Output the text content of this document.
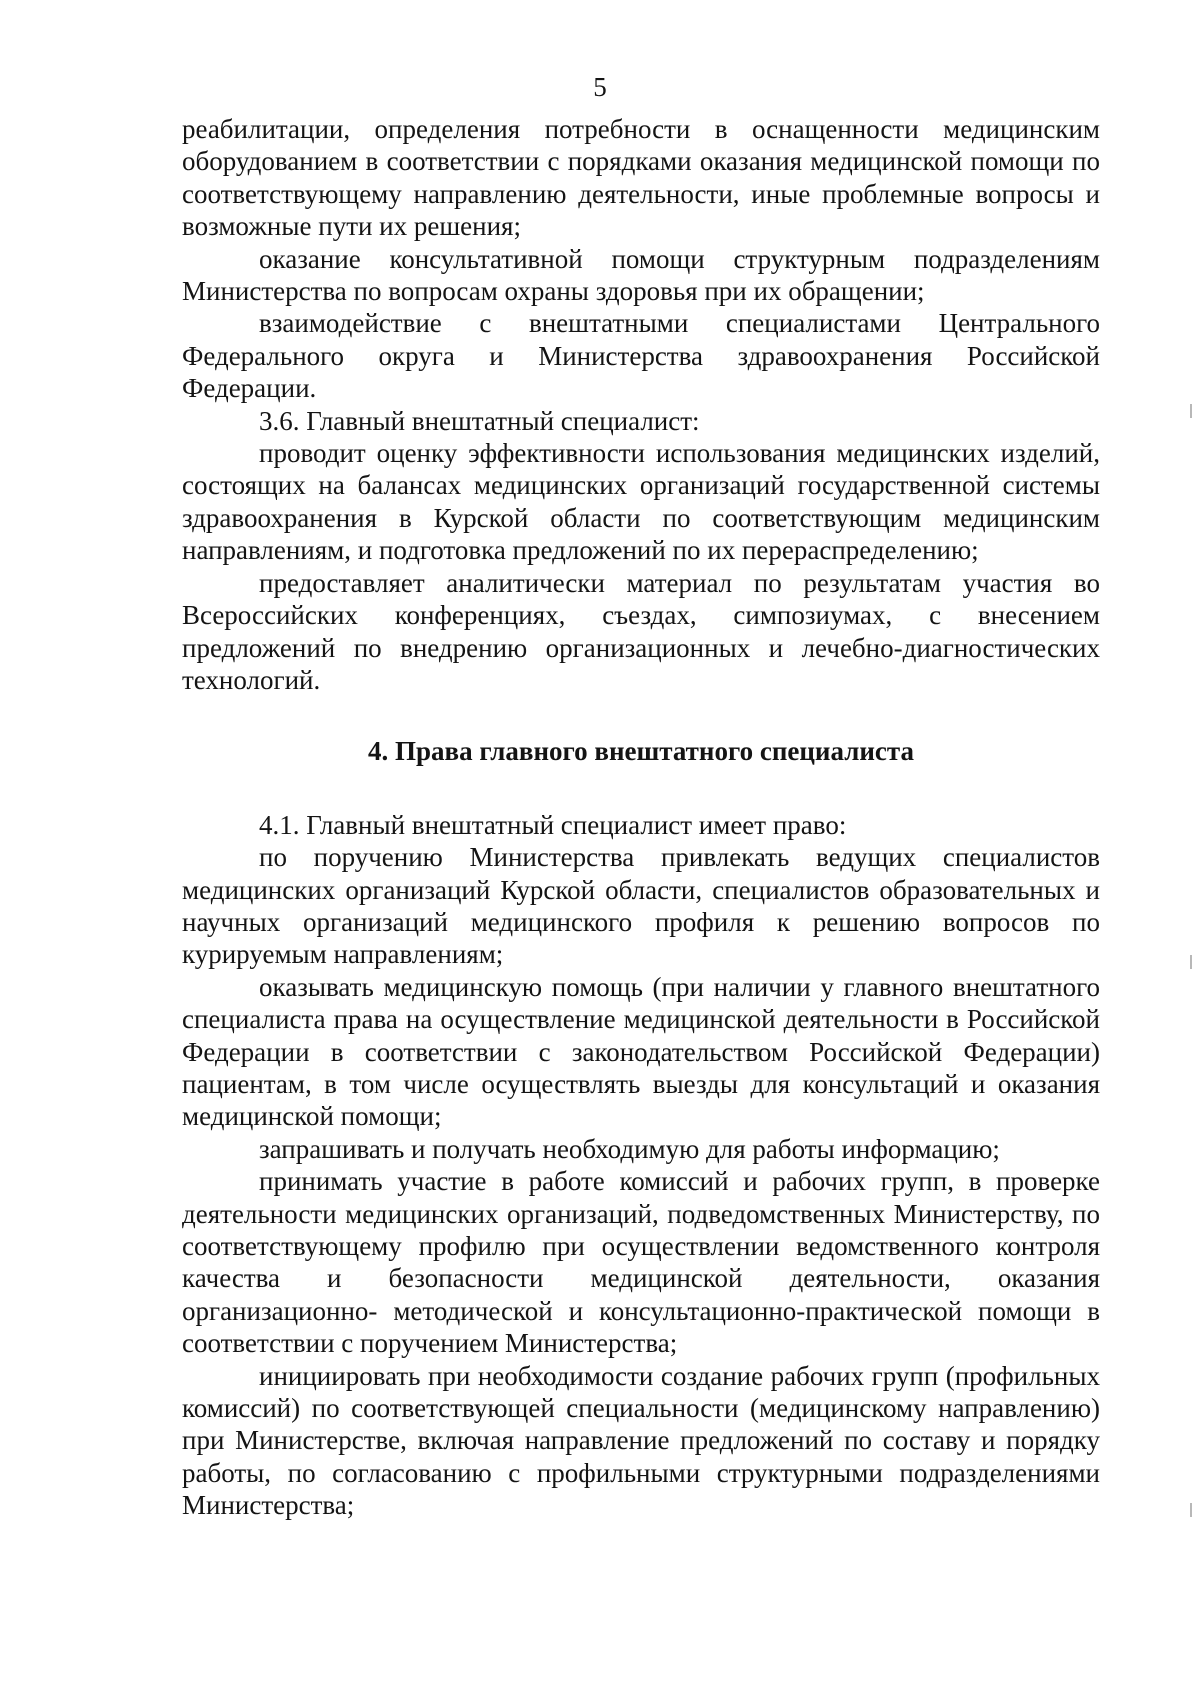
5

реабилитации, определения потребности в оснащенности медицинским оборудованием в соответствии с порядками оказания медицинской помощи по соответствующему направлению деятельности, иные проблемные вопросы и возможные пути их решения;

оказание консультативной помощи структурным подразделениям Министерства по вопросам охраны здоровья при их обращении;

взаимодействие с внештатными специалистами Центрального Федерального округа и Министерства здравоохранения Российской Федерации.

3.6. Главный внештатный специалист:

проводит оценку эффективности использования медицинских изделий, состоящих на балансах медицинских организаций государственной системы здравоохранения в Курской области по соответствующим медицинским направлениям, и подготовка предложений по их перераспределению;

предоставляет аналитически материал по результатам участия во Всероссийских конференциях, съездах, симпозиумах, с внесением предложений по внедрению организационных и лечебно-диагностических технологий.

4. Права главного внештатного специалиста

4.1. Главный внештатный специалист имеет право:

по поручению Министерства привлекать ведущих специалистов медицинских организаций Курской области, специалистов образовательных и научных организаций медицинского профиля к решению вопросов по курируемым направлениям;

оказывать медицинскую помощь (при наличии у главного внештатного специалиста права на осуществление медицинской деятельности в Российской Федерации в соответствии с законодательством Российской Федерации) пациентам, в том числе осуществлять выезды для консультаций и оказания медицинской помощи;

запрашивать и получать необходимую для работы информацию;

принимать участие в работе комиссий и рабочих групп, в проверке деятельности медицинских организаций, подведомственных Министерству, по соответствующему профилю при осуществлении ведомственного контроля качества и безопасности медицинской деятельности, оказания организационно- методической и консультационно-практической помощи в соответствии с поручением Министерства;

инициировать при необходимости создание рабочих групп (профильных комиссий) по соответствующей специальности (медицинскому направлению) при Министерстве, включая направление предложений по составу и порядку работы, по согласованию с профильными структурными подразделениями Министерства;
